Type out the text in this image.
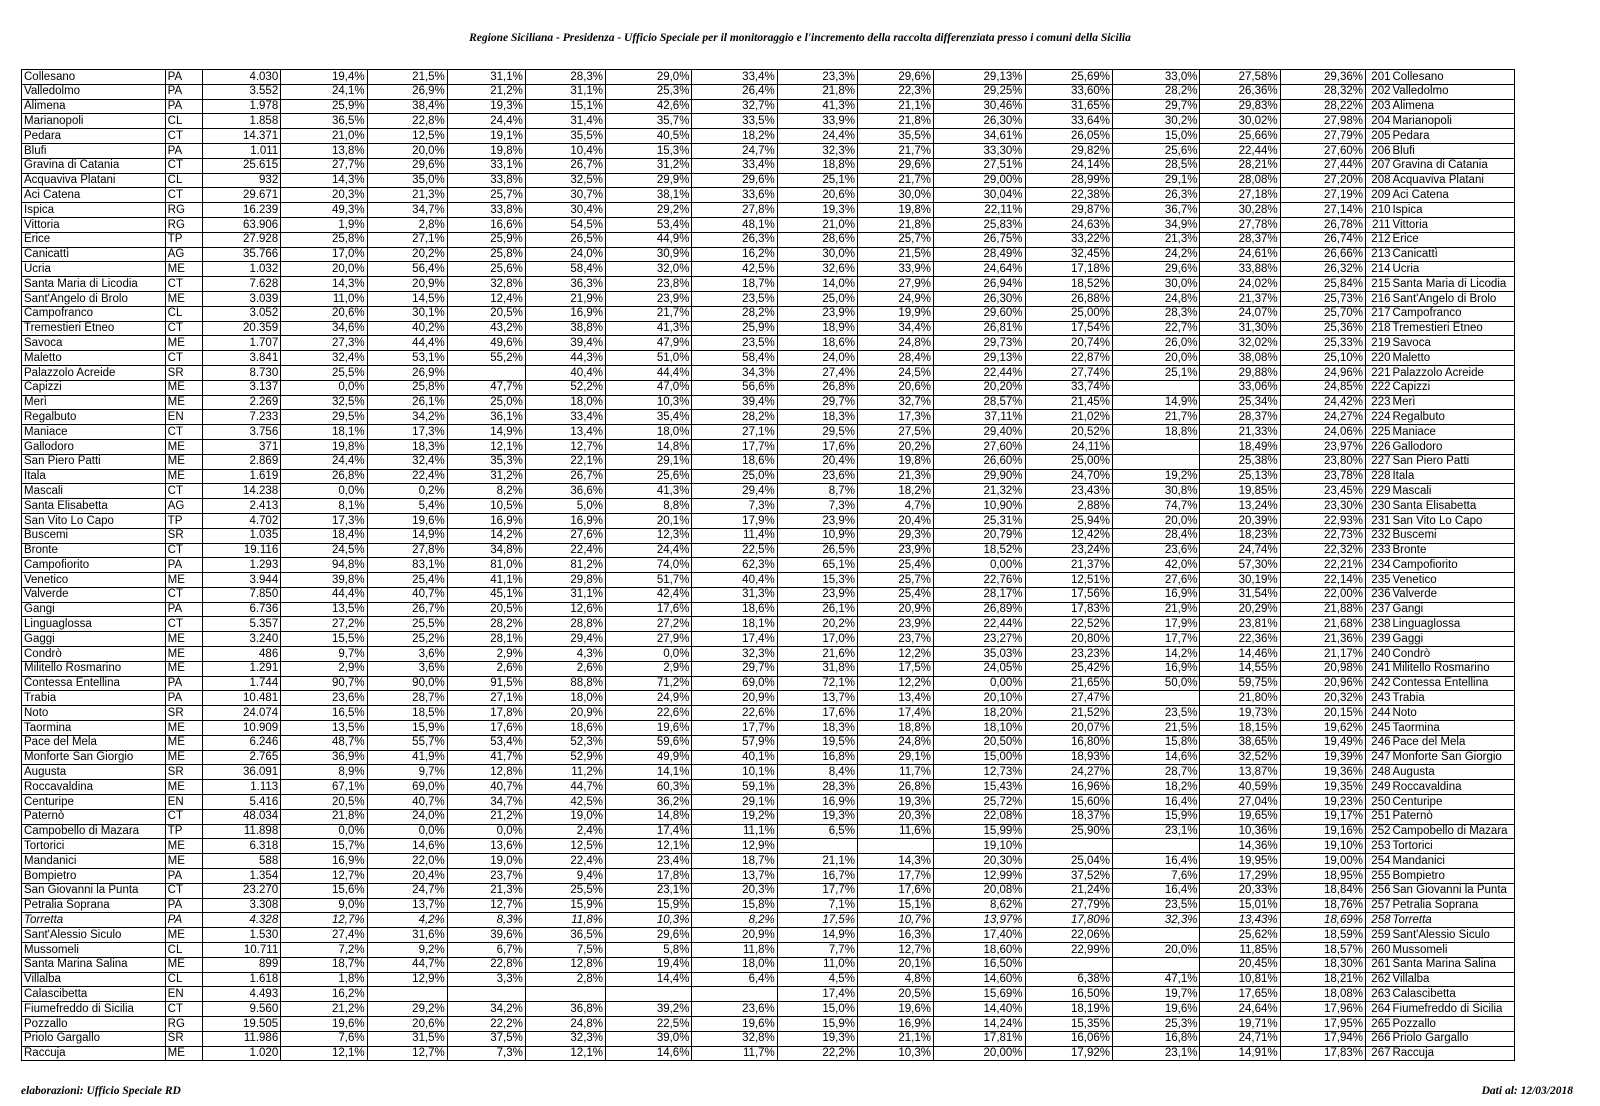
Regione Siciliana - Presidenza - Ufficio Speciale per il monitoraggio e l'incremento della raccolta differenziata presso i comuni della Sicilia
Collesano	PA	4.030	19,4%	21,5%	31,1%	28,3%	29,0%	33,4%	23,3%	29,6%	29,13%	25,69%	33,0%	27,58%	29,36%	201	Collesano
Valledolmo	PA	3.552	24,1%	26,9%	21,2%	31,1%	25,3%	26,4%	21,8%	22,3%	29,25%	33,60%	28,2%	26,36%	28,32%	202	Valledolmo
Alimena	PA	1.978	25,9%	38,4%	19,3%	15,1%	42,6%	32,7%	41,3%	21,1%	30,46%	31,65%	29,7%	29,83%	28,22%	203	Alimena
Marianopoli	CL	1.858	36,5%	22,8%	24,4%	31,4%	35,7%	33,5%	33,9%	21,8%	26,30%	33,64%	30,2%	30,02%	27,98%	204	Marianopoli
Pedara	CT	14.371	21,0%	12,5%	19,1%	35,5%	40,5%	18,2%	24,4%	35,5%	34,61%	26,05%	15,0%	25,66%	27,79%	205	Pedara
Blufi	PA	1.011	13,8%	20,0%	19,8%	10,4%	15,3%	24,7%	32,3%	21,7%	33,30%	29,82%	25,6%	22,44%	27,60%	206	Blufi
Gravina di Catania	CT	25.615	27,7%	29,6%	33,1%	26,7%	31,2%	33,4%	18,8%	29,6%	27,51%	24,14%	28,5%	28,21%	27,44%	207	Gravina di Catania
Acquaviva Platani	CL	932	14,3%	35,0%	33,8%	32,5%	29,9%	29,6%	25,1%	21,7%	29,00%	28,99%	29,1%	28,08%	27,20%	208	Acquaviva Platani
Aci Catena	CT	29.671	20,3%	21,3%	25,7%	30,7%	38,1%	33,6%	20,6%	30,0%	30,04%	22,38%	26,3%	27,18%	27,19%	209	Aci Catena
Ispica	RG	16.239	49,3%	34,7%	33,8%	30,4%	29,2%	27,8%	19,3%	19,8%	22,11%	29,87%	36,7%	30,28%	27,14%	210	Ispica
Vittoria	RG	63.906	1,9%	2,8%	16,6%	54,5%	53,4%	48,1%	21,0%	21,8%	25,83%	24,63%	34,9%	27,78%	26,78%	211	Vittoria
Erice	TP	27.928	25,8%	27,1%	25,9%	26,5%	44,9%	26,3%	28,6%	25,7%	26,75%	33,22%	21,3%	28,37%	26,74%	212	Erice
Canicattì	AG	35.766	17,0%	20,2%	25,8%	24,0%	30,9%	16,2%	30,0%	21,5%	28,49%	32,45%	24,2%	24,61%	26,66%	213	Canicattì
Ucria	ME	1.032	20,0%	56,4%	25,6%	58,4%	32,0%	42,5%	32,6%	33,9%	24,64%	17,18%	29,6%	33,88%	26,32%	214	Ucria
Santa Maria di Licodia	CT	7.628	14,3%	20,9%	32,8%	36,3%	23,8%	18,7%	14,0%	27,9%	26,94%	18,52%	30,0%	24,02%	25,84%	215	Santa Maria di Licodia
Sant'Angelo di Brolo	ME	3.039	11,0%	14,5%	12,4%	21,9%	23,9%	23,5%	25,0%	24,9%	26,30%	26,88%	24,8%	21,37%	25,73%	216	Sant'Angelo di Brolo
Campofranco	CL	3.052	20,6%	30,1%	20,5%	16,9%	21,7%	28,2%	23,9%	19,9%	29,60%	25,00%	28,3%	24,07%	25,70%	217	Campofranco
Tremestieri Etneo	CT	20.359	34,6%	40,2%	43,2%	38,8%	41,3%	25,9%	18,9%	34,4%	26,81%	17,54%	22,7%	31,30%	25,36%	218	Tremestieri Etneo
Savoca	ME	1.707	27,3%	44,4%	49,6%	39,4%	47,9%	23,5%	18,6%	24,8%	29,73%	20,74%	26,0%	32,02%	25,33%	219	Savoca
Maletto	CT	3.841	32,4%	53,1%	55,2%	44,3%	51,0%	58,4%	24,0%	28,4%	29,13%	22,87%	20,0%	38,08%	25,10%	220	Maletto
Palazzolo Acreide	SR	8.730	25,5%	26,9%		40,4%	44,4%	34,3%	27,4%	24,5%	22,44%	27,74%	25,1%	29,88%	24,96%	221	Palazzolo Acreide
Capizzi	ME	3.137	0,0%	25,8%	47,7%	52,2%	47,0%	56,6%	26,8%	20,6%	20,20%	33,74%		33,06%	24,85%	222	Capizzi
Merì	ME	2.269	32,5%	26,1%	25,0%	18,0%	10,3%	39,4%	29,7%	32,7%	28,57%	21,45%	14,9%	25,34%	24,42%	223	Merì
Regalbuto	EN	7.233	29,5%	34,2%	36,1%	33,4%	35,4%	28,2%	18,3%	17,3%	37,11%	21,02%	21,7%	28,37%	24,27%	224	Regalbuto
Maniace	CT	3.756	18,1%	17,3%	14,9%	13,4%	18,0%	27,1%	29,5%	27,5%	29,40%	20,52%	18,8%	21,33%	24,06%	225	Maniace
Gallodoro	ME	371	19,8%	18,3%	12,1%	12,7%	14,8%	17,7%	17,6%	20,2%	27,60%	24,11%		18,49%	23,97%	226	Gallodoro
San Piero Patti	ME	2.869	24,4%	32,4%	35,3%	22,1%	29,1%	18,6%	20,4%	19,8%	26,60%	25,00%		25,38%	23,80%	227	San Piero Patti
Itala	ME	1.619	26,8%	22,4%	31,2%	26,7%	25,6%	25,0%	23,6%	21,3%	29,90%	24,70%	19,2%	25,13%	23,78%	228	Itala
Mascali	CT	14.238	0,0%	0,2%	8,2%	36,6%	41,3%	29,4%	8,7%	18,2%	21,32%	23,43%	30,8%	19,85%	23,45%	229	Mascali
Santa Elisabetta	AG	2.413	8,1%	5,4%	10,5%	5,0%	8,8%	7,3%	7,3%	4,7%	10,90%	2,88%	74,7%	13,24%	23,30%	230	Santa Elisabetta
San Vito Lo Capo	TP	4.702	17,3%	19,6%	16,9%	16,9%	20,1%	17,9%	23,9%	20,4%	25,31%	25,94%	20,0%	20,39%	22,93%	231	San Vito Lo Capo
Buscemi	SR	1.035	18,4%	14,9%	14,2%	27,6%	12,3%	11,4%	10,9%	29,3%	20,79%	12,42%	28,4%	18,23%	22,73%	232	Buscemi
Bronte	CT	19.116	24,5%	27,8%	34,8%	22,4%	24,4%	22,5%	26,5%	23,9%	18,52%	23,24%	23,6%	24,74%	22,32%	233	Bronte
Campofiorito	PA	1.293	94,8%	83,1%	81,0%	81,2%	74,0%	62,3%	65,1%	25,4%	0,00%	21,37%	42,0%	57,30%	22,21%	234	Campofiorito
Venetico	ME	3.944	39,8%	25,4%	41,1%	29,8%	51,7%	40,4%	15,3%	25,7%	22,76%	12,51%	27,6%	30,19%	22,14%	235	Venetico
Valverde	CT	7.850	44,4%	40,7%	45,1%	31,1%	42,4%	31,3%	23,9%	25,4%	28,17%	17,56%	16,9%	31,54%	22,00%	236	Valverde
Gangi	PA	6.736	13,5%	26,7%	20,5%	12,6%	17,6%	18,6%	26,1%	20,9%	26,89%	17,83%	21,9%	20,29%	21,88%	237	Gangi
Linguaglossa	CT	5.357	27,2%	25,5%	28,2%	28,8%	27,2%	18,1%	20,2%	23,9%	22,44%	22,52%	17,9%	23,81%	21,68%	238	Linguaglossa
Gaggi	ME	3.240	15,5%	25,2%	28,1%	29,4%	27,9%	17,4%	17,0%	23,7%	23,27%	20,80%	17,7%	22,36%	21,36%	239	Gaggi
Condrò	ME	486	9,7%	3,6%	2,9%	4,3%	0,0%	32,3%	21,6%	12,2%	35,03%	23,23%	14,2%	14,46%	21,17%	240	Condrò
Militello Rosmarino	ME	1.291	2,9%	3,6%	2,6%	2,6%	2,9%	29,7%	31,8%	17,5%	24,05%	25,42%	16,9%	14,55%	20,98%	241	Militello Rosmarino
Contessa Entellina	PA	1.744	90,7%	90,0%	91,5%	88,8%	71,2%	69,0%	72,1%	12,2%	0,00%	21,65%	50,0%	59,75%	20,96%	242	Contessa Entellina
Trabia	PA	10.481	23,6%	28,7%	27,1%	18,0%	24,9%	20,9%	13,7%	13,4%	20,10%	27,47%		21,80%	20,32%	243	Trabia
Noto	SR	24.074	16,5%	18,5%	17,8%	20,9%	22,6%	22,6%	17,6%	17,4%	18,20%	21,52%	23,5%	19,73%	20,15%	244	Noto
Taormina	ME	10.909	13,5%	15,9%	17,6%	18,6%	19,6%	17,7%	18,3%	18,8%	18,10%	20,07%	21,5%	18,15%	19,62%	245	Taormina
Pace del Mela	ME	6.246	48,7%	55,7%	53,4%	52,3%	59,6%	57,9%	19,5%	24,8%	20,50%	16,80%	15,8%	38,65%	19,49%	246	Pace del Mela
Monforte San Giorgio	ME	2.765	36,9%	41,9%	41,7%	52,9%	49,9%	40,1%	16,8%	29,1%	15,00%	18,93%	14,6%	32,52%	19,39%	247	Monforte San Giorgio
Augusta	SR	36.091	8,9%	9,7%	12,8%	11,2%	14,1%	10,1%	8,4%	11,7%	12,73%	24,27%	28,7%	13,87%	19,36%	248	Augusta
Roccavaldina	ME	1.113	67,1%	69,0%	40,7%	44,7%	60,3%	59,1%	28,3%	26,8%	15,43%	16,96%	18,2%	40,59%	19,35%	249	Roccavaldina
Centuripe	EN	5.416	20,5%	40,7%	34,7%	42,5%	36,2%	29,1%	16,9%	19,3%	25,72%	15,60%	16,4%	27,04%	19,23%	250	Centuripe
Paternò	CT	48.034	21,8%	24,0%	21,2%	19,0%	14,8%	19,2%	19,3%	20,3%	22,08%	18,37%	15,9%	19,65%	19,17%	251	Paternò
Campobello di Mazara	TP	11.898	0,0%	0,0%	0,0%	2,4%	17,4%	11,1%	6,5%	11,6%	15,99%	25,90%	23,1%	10,36%	19,16%	252	Campobello di Mazara
Tortorici	ME	6.318	15,7%	14,6%	13,6%	12,5%	12,1%	12,9%			19,10%			14,36%	19,10%	253	Tortorici
Mandanici	ME	588	16,9%	22,0%	19,0%	22,4%	23,4%	18,7%	21,1%	14,3%	20,30%	25,04%	16,4%	19,95%	19,00%	254	Mandanici
Bompietro	PA	1.354	12,7%	20,4%	23,7%	9,4%	17,8%	13,7%	16,7%	17,7%	12,99%	37,52%	7,6%	17,29%	18,95%	255	Bompietro
San Giovanni la Punta	CT	23.270	15,6%	24,7%	21,3%	25,5%	23,1%	20,3%	17,7%	17,6%	20,08%	21,24%	16,4%	20,33%	18,84%	256	San Giovanni la Punta
Petralia Soprana	PA	3.308	9,0%	13,7%	12,7%	15,9%	15,9%	15,8%	7,1%	15,1%	8,62%	27,79%	23,5%	15,01%	18,76%	257	Petralia Soprana
Torretta	PA	4.328	12,7%	4,2%	8,3%	11,8%	10,3%	8,2%	17,5%	10,7%	13,97%	17,80%	32,3%	13,43%	18,69%	258	Torretta
Sant'Alessio Siculo	ME	1.530	27,4%	31,6%	39,6%	36,5%	29,6%	20,9%	14,9%	16,3%	17,40%	22,06%		25,62%	18,59%	259	Sant'Alessio Siculo
Mussomeli	CL	10.711	7,2%	9,2%	6,7%	7,5%	5,8%	11,8%	7,7%	12,7%	18,60%	22,99%	20,0%	11,85%	18,57%	260	Mussomeli
Santa Marina Salina	ME	899	18,7%	44,7%	22,8%	12,8%	19,4%	18,0%	11,0%	20,1%	16,50%			20,45%	18,30%	261	Santa Marina Salina
Villalba	CL	1.618	1,8%	12,9%	3,3%	2,8%	14,4%	6,4%	4,5%	4,8%	14,60%	6,38%	47,1%	10,81%	18,21%	262	Villalba
Calascibetta	EN	4.493	16,2%						17,4%	20,5%	15,69%	16,50%	19,7%	17,65%	18,08%	263	Calascibetta
Fiumefreddo di Sicilia	CT	9.560	21,2%	29,2%	34,2%	36,8%	39,2%	23,6%	15,0%	19,6%	14,40%	18,19%	19,6%	24,64%	17,96%	264	Fiumefreddo di Sicilia
Pozzallo	RG	19.505	19,6%	20,6%	22,2%	24,8%	22,5%	19,6%	15,9%	16,9%	14,24%	15,35%	25,3%	19,71%	17,95%	265	Pozzallo
Priolo Gargallo	SR	11.986	7,6%	31,5%	37,5%	32,3%	39,0%	32,8%	19,3%	21,1%	17,81%	16,06%	16,8%	24,71%	17,94%	266	Priolo Gargallo
Raccuja	ME	1.020	12,1%	12,7%	7,3%	12,1%	14,6%	11,7%	22,2%	10,3%	20,00%	17,92%	23,1%	14,91%	17,83%	267	Raccuja
elaborazioni: Ufficio Speciale RD	Dati al: 12/03/2018
